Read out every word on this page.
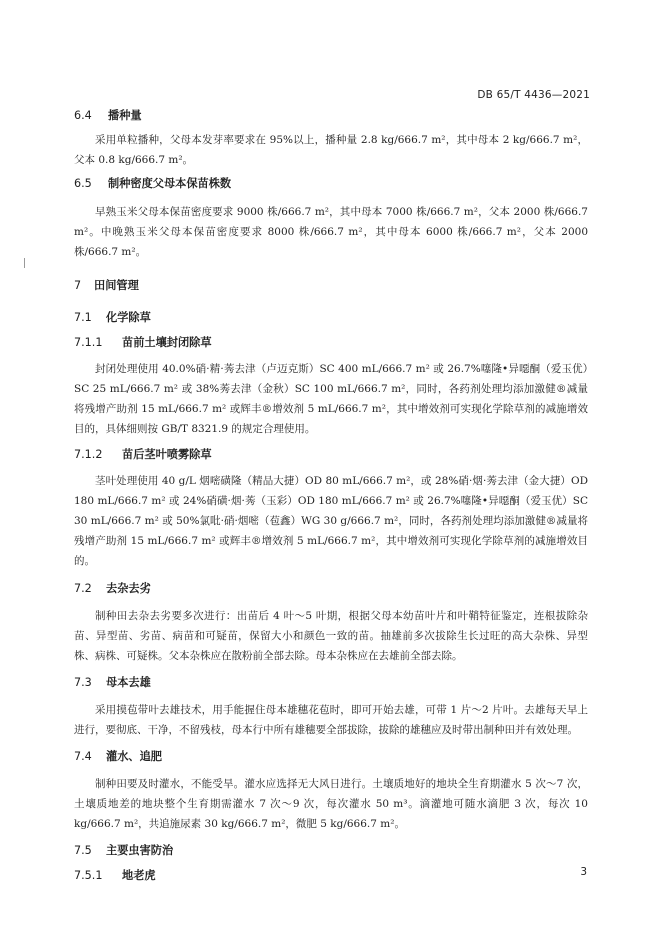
DB 65/T 4436—2021
6.4 播种量

采用单粒播种，父母本发芽率要求在 95%以上，播种量 2.8 kg/666.7 m²，其中母本 2 kg/666.7 m²，父本 0.8 kg/666.7 m²。

6.5 制种密度父母本保苗株数

早熟玉米父母本保苗密度要求 9000 株/666.7 m²，其中母本 7000 株/666.7 m²，父本 2000 株/666.7 m²。中晚熟玉米父母本保苗密度要求 8000 株/666.7 m²，其中母本 6000 株/666.7 m²，父本 2000 株/666.7 m²。

7 田间管理
7.1 化学除草
7.1.1 苗前土壤封闭除草

封闭处理使用 40.0%硝·精·莠去津（卢迈克斯）SC 400 mL/666.7 m² 或 26.7%噻隆•异噁酮（爱玉优）SC 25 mL/666.7 m² 或 38%莠去津（金秋）SC 100 mL/666.7 m²，同时，各药剂处理均添加激健®减量将残增产助剂 15 mL/666.7 m² 或辉丰®增效剂 5 mL/666.7 m²，其中增效剂可实现化学除草剂的减施增效目的，具体细则按 GB/T 8321.9 的规定合理使用。

7.1.2 苗后茎叶喷雾除草

茎叶处理使用 40 g/L 烟嘧磺隆（精品大捷）OD 80 mL/666.7 m²，或 28%硝·烟·莠去津（金大捷）OD 180 mL/666.7 m² 或 24%硝磺·烟·莠（玉彩）OD 180 mL/666.7 m² 或 26.7%噻隆•异噁酮（爱玉优）SC 30 mL/666.7 m² 或 50%氯吡·硝·烟嘧（苞鑫）WG 30 g/666.7 m²，同时，各药剂处理均添加激健®减量将残增产助剂 15 mL/666.7 m² 或辉丰®增效剂 5 mL/666.7 m²，其中增效剂可实现化学除草剂的减施增效目的。

7.2 去杂去劣

制种田去杂去劣要多次进行：出苗后 4 叶～5 叶期，根据父母本幼苗叶片和叶鞘特征鉴定，连根拔除杂苗、异型苗、劣苗、病苗和可疑苗，保留大小和颜色一致的苗。抽雄前多次拔除生长过旺的高大杂株、异型株、病株、可疑株。父本杂株应在散粉前全部去除。母本杂株应在去雄前全部去除。

7.3 母本去雄

采用摸苞带叶去雄技术，用手能握住母本雄穗花苞时，即可开始去雄，可带 1 片～2 片叶。去雄每天早上进行，要彻底、干净，不留残枝，母本行中所有雄穗要全部拔除，拔除的雄穗应及时带出制种田并有效处理。

7.4 灌水、追肥

制种田要及时灌水，不能受旱。灌水应选择无大风日进行。土壤质地好的地块全生育期灌水 5 次～7 次，土壤质地差的地块整个生育期需灌水 7 次～9 次，每次灌水 50 m³。滴灌地可随水滴肥 3 次，每次 10 kg/666.7 m²，共追施尿素 30 kg/666.7 m²，微肥 5 kg/666.7 m²。

7.5 主要虫害防治
7.5.1 地老虎	3
